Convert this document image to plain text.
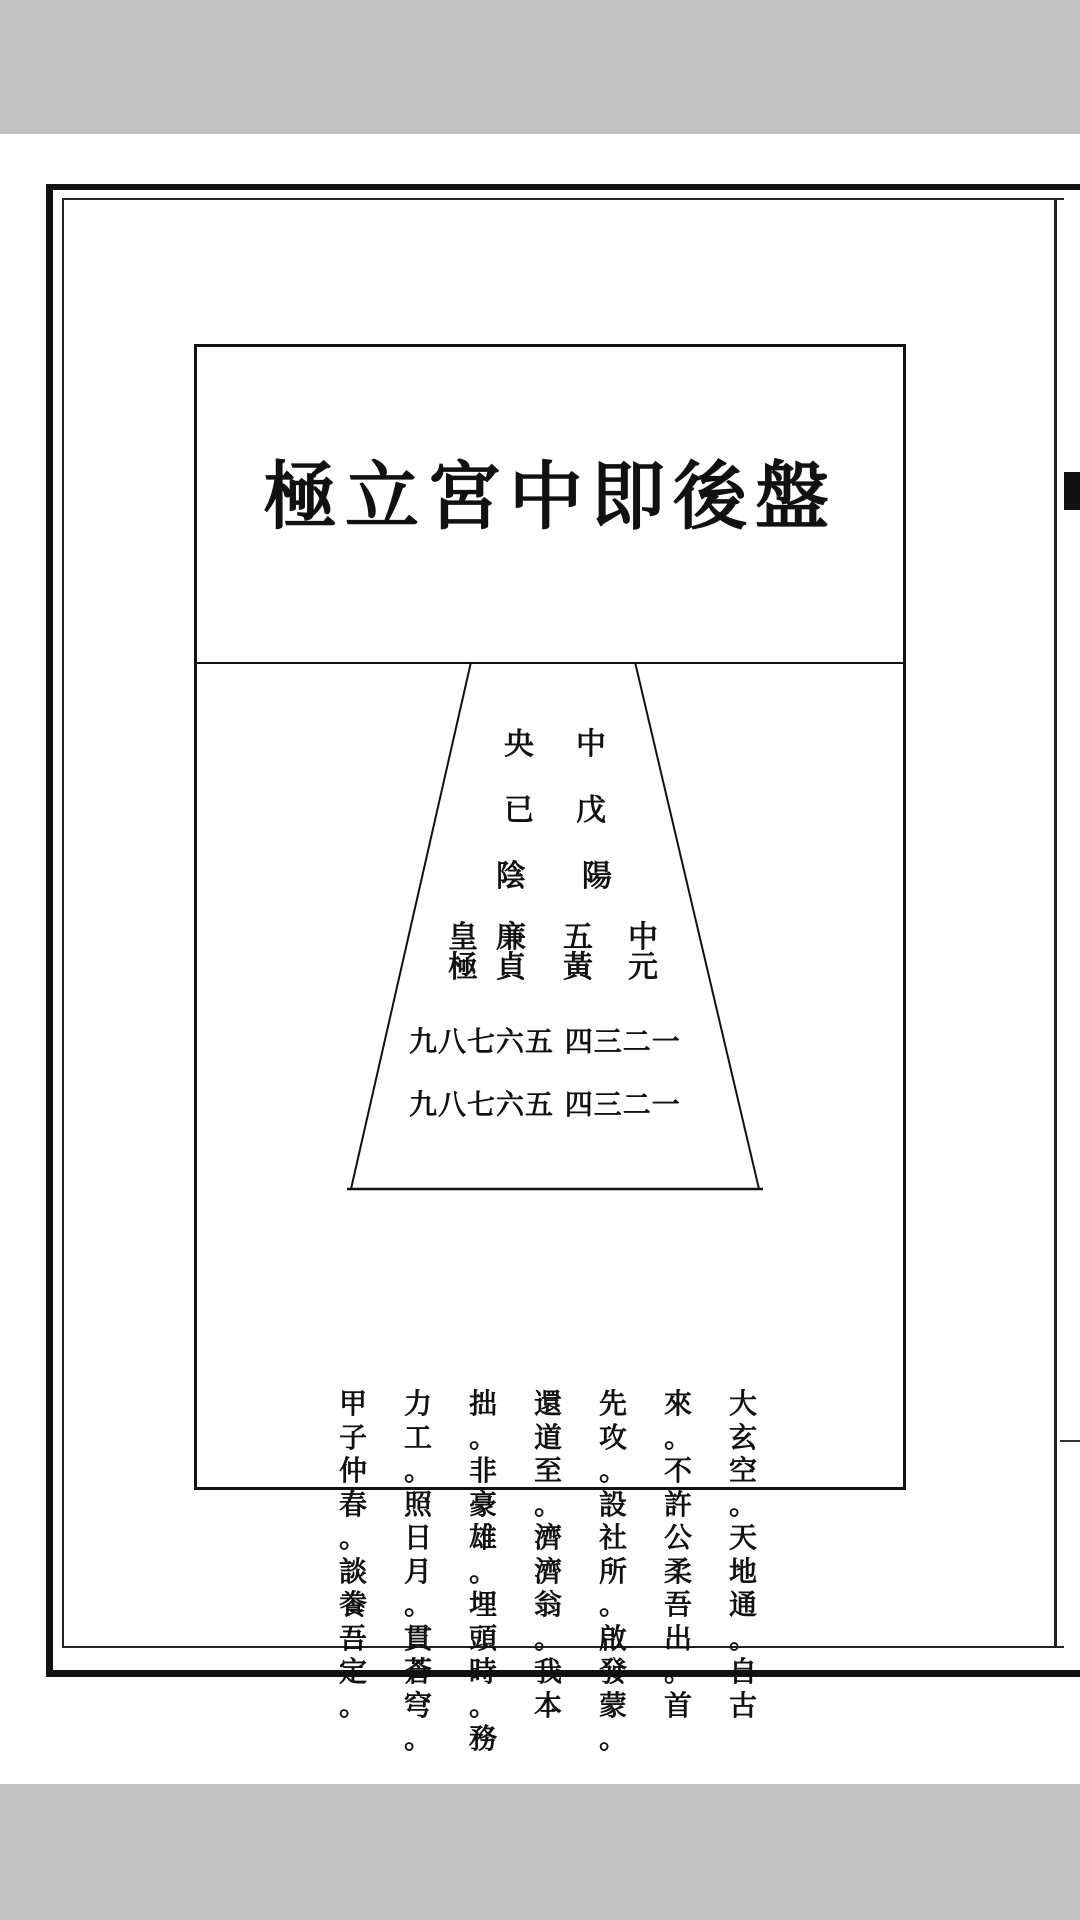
極立宮中即後盤
中
央
戊
已
陽
陰
中
元
五
黃
廉
貞
皇
極
九八七六五 四三二一
九八七六五 四三二一
大
玄
空
。
天
地
通
。
自
古
來
。
不
許
公
柔
吾
出
。
首
先
攻
。
設
社
所
。
啟
發
蒙
。
還
道
至
。
濟
濟
翁
。
我
本
拙
。
非
豪
雄
。
埋
頭
時
。
務
力
工
。
照
日
月
。
貫
蒼
穹
。
甲
子
仲
春
。
談
餋
吾
定
。
